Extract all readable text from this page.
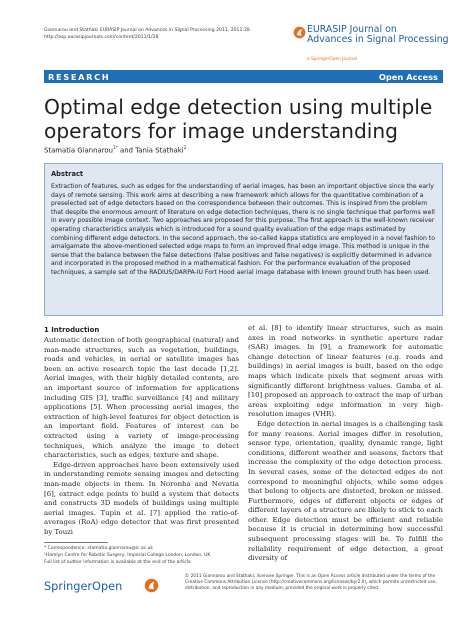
Giannarou and Stathaki EURASIP Journal on Advances in Signal Processing 2011, 2011:28
http://asp.eurasipjournals.com/content/2011/1/28
EURASIP Journal on
Advances in Signal Processing
a SpringerOpen Journal
RESEARCH	Open Access
Optimal edge detection using multiple operators for image understanding
Stamatia Giannarou$^{1*}$ and Tania Stathaki$^2$
Abstract
Extraction of features, such as edges for the understanding of aerial images, has been an important objective since the early days of remote sensing. This work aims at describing a new framework which allows for the quantitative combination of a preselected set of edge detectors based on the correspondence between their outcomes. This is inspired from the problem that despite the enormous amount of literature on edge detection techniques, there is no single technique that performs well in every possible image context. Two approaches are proposed for this purpose. The first approach is the well-known receiver operating characteristics analysis which is introduced for a sound quality evaluation of the edge maps estimated by combining different edge detectors. In the second approach, the so-called kappa statistics are employed in a novel fashion to amalgamate the above-mentioned selected edge maps to form an improved final edge image. This method is unique in the sense that the balance between the false detections (false positives and false negatives) is explicitly determined in advance and incorporated in the proposed method in a mathematical fashion. For the performance evaluation of the proposed techniques, a sample set of the RADIUS/DARPA-IU Fort Hood aerial image database with known ground truth has been used.
1 Introduction

Automatic detection of both geographical (natural) and man-made structures, such as vegetation, buildings, roads and vehicles, in aerial or satellite images has been an active research topic the last decade [1,2]. Aerial images, with their highly detailed contents, are an important source of information for applications including GIS [3], traffic surveillance [4] and military applications [5]. When processing aerial images, the extraction of high-level features for object detection is an important field. Features of interest can be extracted using a variety of image-processing techniques, which analyze the image to detect characteristics, such as edges, texture and shape.

Edge-driven approaches have been extensively used in understanding remote sensing images and detecting man-made objects in them. In Noronha and Nevatia [6], extract edge points to build a system that detects and constructs 3D models of buildings using multiple aerial images. Tupin et al. [7] applied the ratio-of-averages (RoA) edge detector that was first presented by Touzi

et al. [8] to identify linear structures, such as main axes in road networks in synthetic aperture radar (SAR) images. In [9], a framework for automatic change detection of linear features (e.g. roads and buildings) in aerial images is built, based on the edge maps which indicate pixels that segment areas with significantly different brightness values. Gamba et al. [10] proposed an approach to extract the map of urban areas exploiting edge information in very high-resolution images (VHR).

Edge detection in aerial images is a challenging task for many reasons. Aerial images differ in resolution, sensor type, orientation, quality, dynamic range, light conditions, different weather and seasons, factors that increase the complexity of the edge detection process. In several cases, some of the detected edges do not correspond to meaningful objects, while some edges that belong to objects are distorted, broken or missed. Furthermore, edges of different objects or edges of different layers of a structure are likely to stick to each other. Edge detection must be efficient and reliable because it is crucial in determining how successful subsequent processing stages will be. To fulfill the reliability requirement of edge detection, a great diversity of

* Correspondence: stamatia.giannarou@ic.ac.uk
¹Hamlyn Centre for Robotic Surgery, Imperial College London, London, UK
Full list of author information is available at the end of the article
SpringerOpen
© 2011 Giannarou and Stathaki; licensee Springer. This is an Open Access article distributed under the terms of the Creative Commons Attribution License (http://creativecommons.org/licenses/by/2.0), which permits unrestricted use, distribution, and reproduction in any medium, provided the original work is properly cited.
